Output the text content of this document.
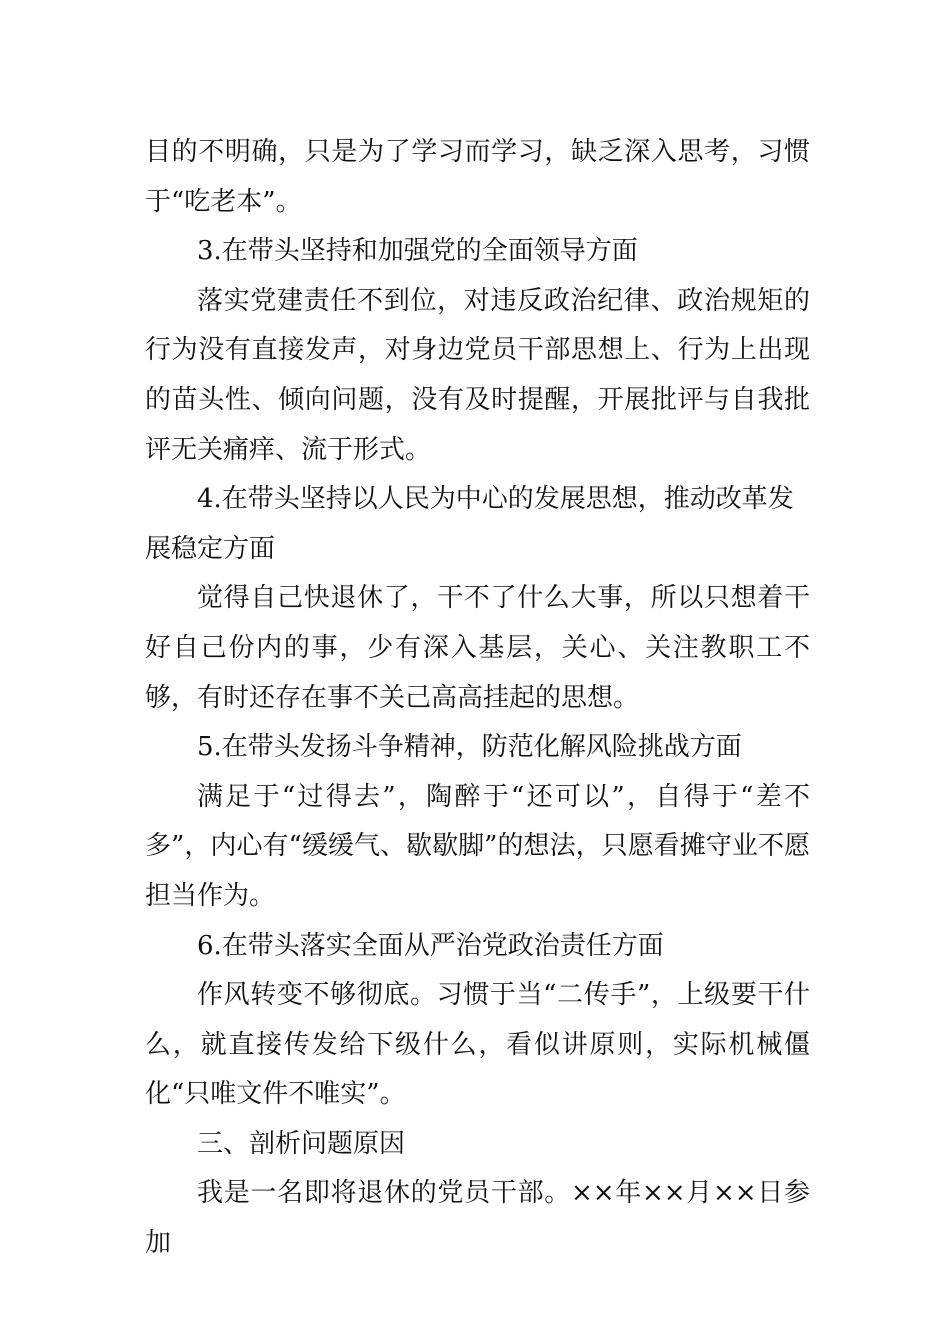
目的不明确，只是为了学习而学习，缺乏深入思考，习惯于“吃老本”。

3.在带头坚持和加强党的全面领导方面

落实党建责任不到位，对违反政治纪律、政治规矩的行为没有直接发声，对身边党员干部思想上、行为上出现的苗头性、倾向问题，没有及时提醒，开展批评与自我批评无关痛痒、流于形式。

4.在带头坚持以人民为中心的发展思想，推动改革发展稳定方面

觉得自己快退休了，干不了什么大事，所以只想着干好自己份内的事，少有深入基层，关心、关注教职工不够，有时还存在事不关己高高挂起的思想。

5.在带头发扬斗争精神，防范化解风险挑战方面

满足于“过得去”，陶醉于“还可以”，自得于“差不多”，内心有“缓缓气、歇歇脚”的想法，只愿看摊守业不愿担当作为。

6.在带头落实全面从严治党政治责任方面

作风转变不够彻底。习惯于当“二传手”，上级要干什么，就直接传发给下级什么，看似讲原则，实际机械僵化“只唯文件不唯实”。

三、剖析问题原因

我是一名即将退休的党员干部。××年××月××日参加
